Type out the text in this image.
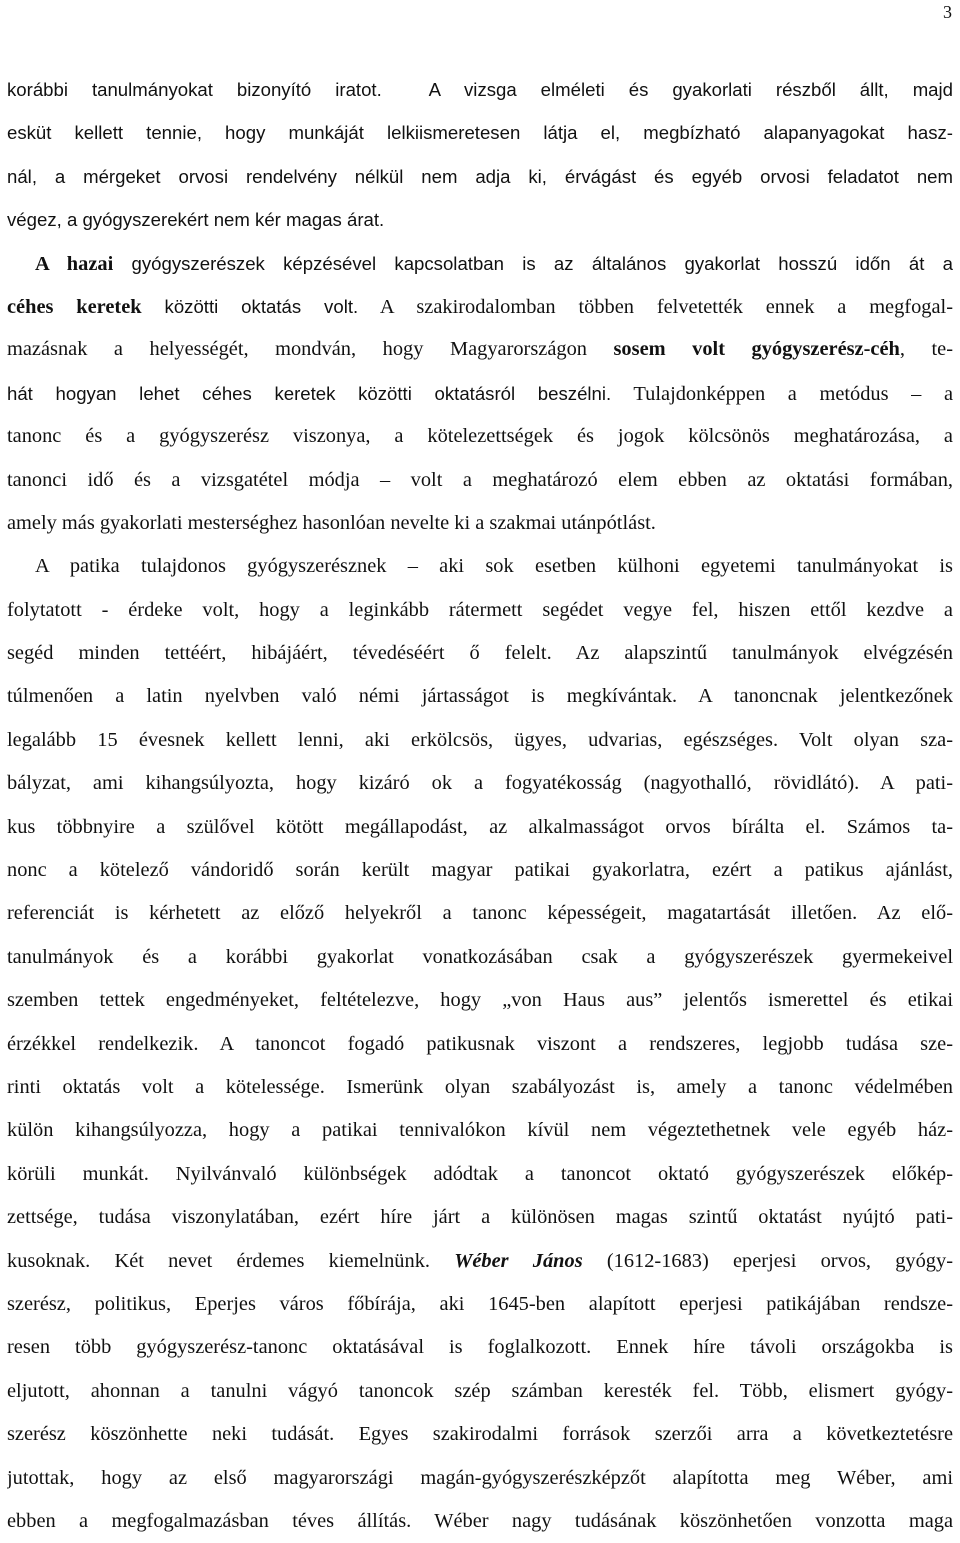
3
korábbi tanulmányokat bizonyító iratot.  A vizsga elméleti és gyakorlati részből állt, majd
esküt kellett tennie, hogy munkáját lelkiismeretesen látja el, megbízható alapanyagokat hasz-
nál, a mérgeket orvosi rendelvény nélkül nem adja ki, érvágást és egyéb orvosi feladatot nem
végez, a gyógyszerekért nem kér magas árat.
A hazai gyógyszerészek képzésével kapcsolatban is az általános gyakorlat hosszú időn át a
céhes keretek közötti oktatás volt. A szakirodalomban többen felvetették ennek a megfogal-
mazásnak a helyességét, mondván, hogy Magyarországon sosem volt gyógyszerész-céh, te-
hát hogyan lehet céhes keretek közötti oktatásról beszélni. Tulajdonképpen a metódus – a
tanonc és a gyógyszerész viszonya, a kötelezettségek és jogok kölcsönös meghatározása, a
tanonci idő és a vizsgatétel módja – volt a meghatározó elem ebben az oktatási formában,
amely más gyakorlati mesterséghez hasonlóan nevelte ki a szakmai utánpótlást.
A patika tulajdonos gyógyszerésznek – aki sok esetben külhoni egyetemi tanulmányokat is
folytatott - érdeke volt, hogy a leginkább rátermett segédet vegye fel, hiszen ettől kezdve a
segéd minden tettéért, hibájáért, tévedéséért ő felelt. Az alapszintű tanulmányok elvégzésén
túlmenően a latin nyelvben való némi jártasságot is megkívántak. A tanoncnak jelentkezőnek
legalább 15 évesnek kellett lenni, aki erkölcsös, ügyes, udvarias, egészséges. Volt olyan sza-
bályzat, ami kihangsúlyozta, hogy kizáró ok a fogyatékosság (nagyothalló, rövidlátó). A pati-
kus többnyire a szülővel kötött megállapodást, az alkalmasságot orvos bírálta el. Számos ta-
nonc a kötelező vándoridő során került magyar patikai gyakorlatra, ezért a patikus ajánlást,
referenciát is kérhetett az előző helyekről a tanonc képességeit, magatartását illetően. Az elő-
tanulmányok és a korábbi gyakorlat vonatkozásában csak a gyógyszerészek gyermekeivel
szemben tettek engedményeket, feltételezve, hogy „von Haus aus” jelentős ismerettel és etikai
érzékkel rendelkezik. A tanoncot fogadó patikusnak viszont a rendszeres, legjobb tudása sze-
rinti oktatás volt a kötelessége. Ismerünk olyan szabályozást is, amely a tanonc védelmében
külön kihangsúlyozza, hogy a patikai tennivalókon kívül nem végeztethetnek vele egyéb ház-
körüli munkát. Nyilvánvaló különbségek adódtak a tanoncot oktató gyógyszerészek előkép-
zettsége, tudása viszonylatában, ezért híre járt a különösen magas szintű oktatást nyújtó pati-
kusoknak. Két nevet érdemes kiemelnünk. Wéber János (1612-1683) eperjesi orvos, gyógy-
szerész, politikus, Eperjes város főbírája, aki 1645-ben alapított eperjesi patikájában rendsze-
resen több gyógyszerész-tanonc oktatásával is foglalkozott. Ennek híre távoli országokba is
eljutott, ahonnan a tanulni vágyó tanoncok szép számban keresték fel. Több, elismert gyógy-
szerész köszönhette neki tudását. Egyes szakirodalmi források szerzői arra a következtetésre
jutottak, hogy az első magyarországi magán-gyógyszerészképzőt alapította meg Wéber, ami
ebben a megfogalmazásban téves állítás. Wéber nagy tudásának köszönhetően vonzotta maga
